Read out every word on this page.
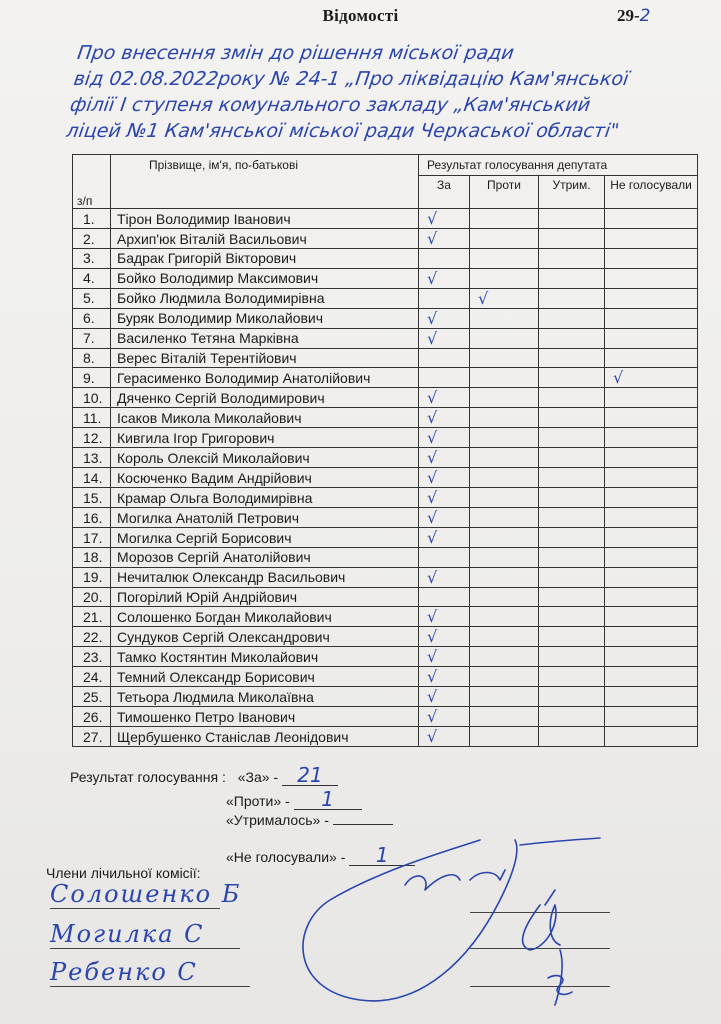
Відомості	29-2
Про внесення змін до рішення міської ради
від 02.08.2022року № 24-1 „Про ліквідацію Кам'янської
філії І ступеня комунального закладу „Кам'янський
ліцей №1 Кам'янської міської ради Черкаської області"
з/п	Прізвище, ім'я, по-батькові	Результат голосування депутата			
		За	Проти	Утрим.	Не голосували
1.	Тірон Володимир Іванович	√			
2.	Архип'юк Віталій Васильович	√			
3.	Бадрак Григорій Вікторович				
4.	Бойко Володимир Максимович	√			
5.	Бойко Людмила Володимирівна		√		
6.	Буряк Володимир Миколайович	√			
7.	Василенко Тетяна Марківна	√			
8.	Верес Віталій Терентійович				
9.	Герасименко Володимир Анатолійович				√
10.	Дяченко Сергій Володимирович	√			
11.	Ісаков Микола Миколайович	√			
12.	Кивгила Ігор Григорович	√			
13.	Король Олексій Миколайович	√			
14.	Косюченко Вадим Андрійович	√			
15.	Крамар Ольга Володимирівна	√			
16.	Могилка Анатолій Петрович	√			
17.	Могилка Сергій Борисович	√			
18.	Морозов Сергій Анатолійович				
19.	Нечиталюк Олександр Васильович	√			
20.	Погорілий Юрій Андрійович				
21.	Солошенко Богдан Миколайович	√			
22.	Сундуков Сергій Олександрович	√			
23.	Тамко Костянтин Миколайович	√			
24.	Темний Олександр Борисович	√			
25.	Тетьора Людмила Миколаївна	√			
26.	Тимошенко Петро Іванович	√			
27.	Щербушенко Станіслав Леонідович	√			
Результат голосування : «За» - 21
«Проти» - 1
«Утрималось» -
«Не голосували» - 1
Члени лічильної комісії:
Солошенко Б
Могилка С
Ребенко С
